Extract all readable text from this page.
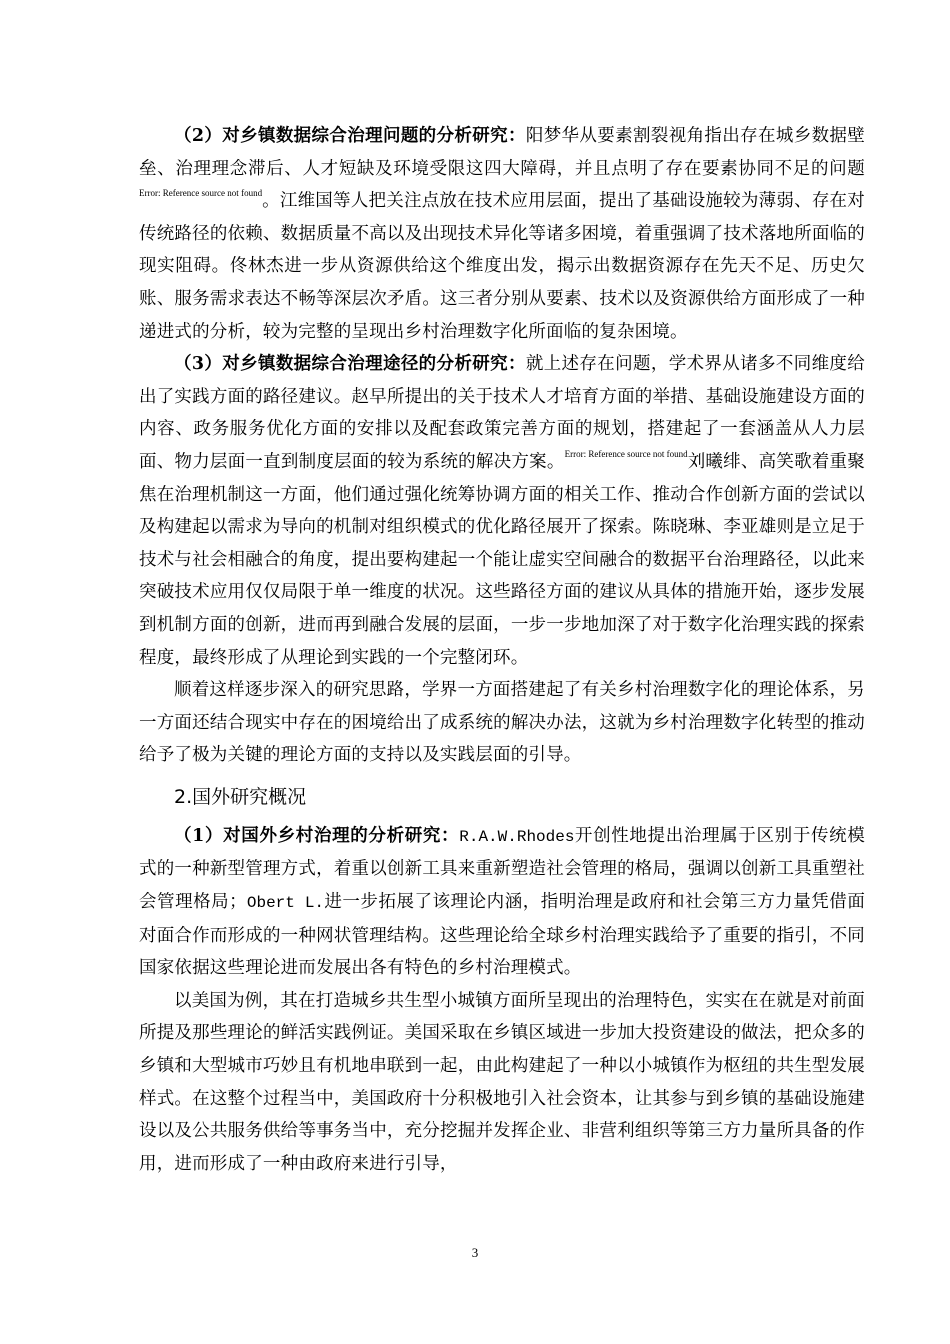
（2）对乡镇数据综合治理问题的分析研究：阳梦华从要素割裂视角指出存在城乡数据壁垒、治理理念滞后、人才短缺及环境受限这四大障碍，并且点明了存在要素协同不足的问题$^{Error: Reference source not found}$。江维国等人把关注点放在技术应用层面，提出了基础设施较为薄弱、存在对传统路径的依赖、数据质量不高以及出现技术异化等诸多困境，着重强调了技术落地所面临的现实阻碍。佟林杰进一步从资源供给这个维度出发，揭示出数据资源存在先天不足、历史欠账、服务需求表达不畅等深层次矛盾。这三者分别从要素、技术以及资源供给方面形成了一种递进式的分析，较为完整的呈现出乡村治理数字化所面临的复杂困境。

（3）对乡镇数据综合治理途径的分析研究：就上述存在问题，学术界从诸多不同维度给出了实践方面的路径建议。赵早所提出的关于技术人才培育方面的举措、基础设施建设方面的内容、政务服务优化方面的安排以及配套政策完善方面的规划，搭建起了一套涵盖从人力层面、物力层面一直到制度层面的较为系统的解决方案。$^{Error: Reference source not found}$刘曦绯、高笑歌着重聚焦在治理机制这一方面，他们通过强化统筹协调方面的相关工作、推动合作创新方面的尝试以及构建起以需求为导向的机制对组织模式的优化路径展开了探索。陈晓琳、李亚雄则是立足于技术与社会相融合的角度，提出要构建起一个能让虚实空间融合的数据平台治理路径，以此来突破技术应用仅仅局限于单一维度的状况。这些路径方面的建议从具体的措施开始，逐步发展到机制方面的创新，进而再到融合发展的层面，一步一步地加深了对于数字化治理实践的探索程度，最终形成了从理论到实践的一个完整闭环。

顺着这样逐步深入的研究思路，学界一方面搭建起了有关乡村治理数字化的理论体系，另一方面还结合现实中存在的困境给出了成系统的解决办法，这就为乡村治理数字化转型的推动给予了极为关键的理论方面的支持以及实践层面的引导。

2.国外研究概况

（1）对国外乡村治理的分析研究：R.A.W.Rhodes开创性地提出治理属于区别于传统模式的一种新型管理方式，着重以创新工具来重新塑造社会管理的格局，强调以创新工具重塑社会管理格局；Obert L.进一步拓展了该理论内涵，指明治理是政府和社会第三方力量凭借面对面合作而形成的一种网状管理结构。这些理论给全球乡村治理实践给予了重要的指引，不同国家依据这些理论进而发展出各有特色的乡村治理模式。

以美国为例，其在打造城乡共生型小城镇方面所呈现出的治理特色，实实在在就是对前面所提及那些理论的鲜活实践例证。美国采取在乡镇区域进一步加大投资建设的做法，把众多的乡镇和大型城市巧妙且有机地串联到一起，由此构建起了一种以小城镇作为枢纽的共生型发展样式。在这整个过程当中，美国政府十分积极地引入社会资本，让其参与到乡镇的基础设施建设以及公共服务供给等事务当中，充分挖掘并发挥企业、非营利组织等第三方力量所具备的作用，进而形成了一种由政府来进行引导，

3
